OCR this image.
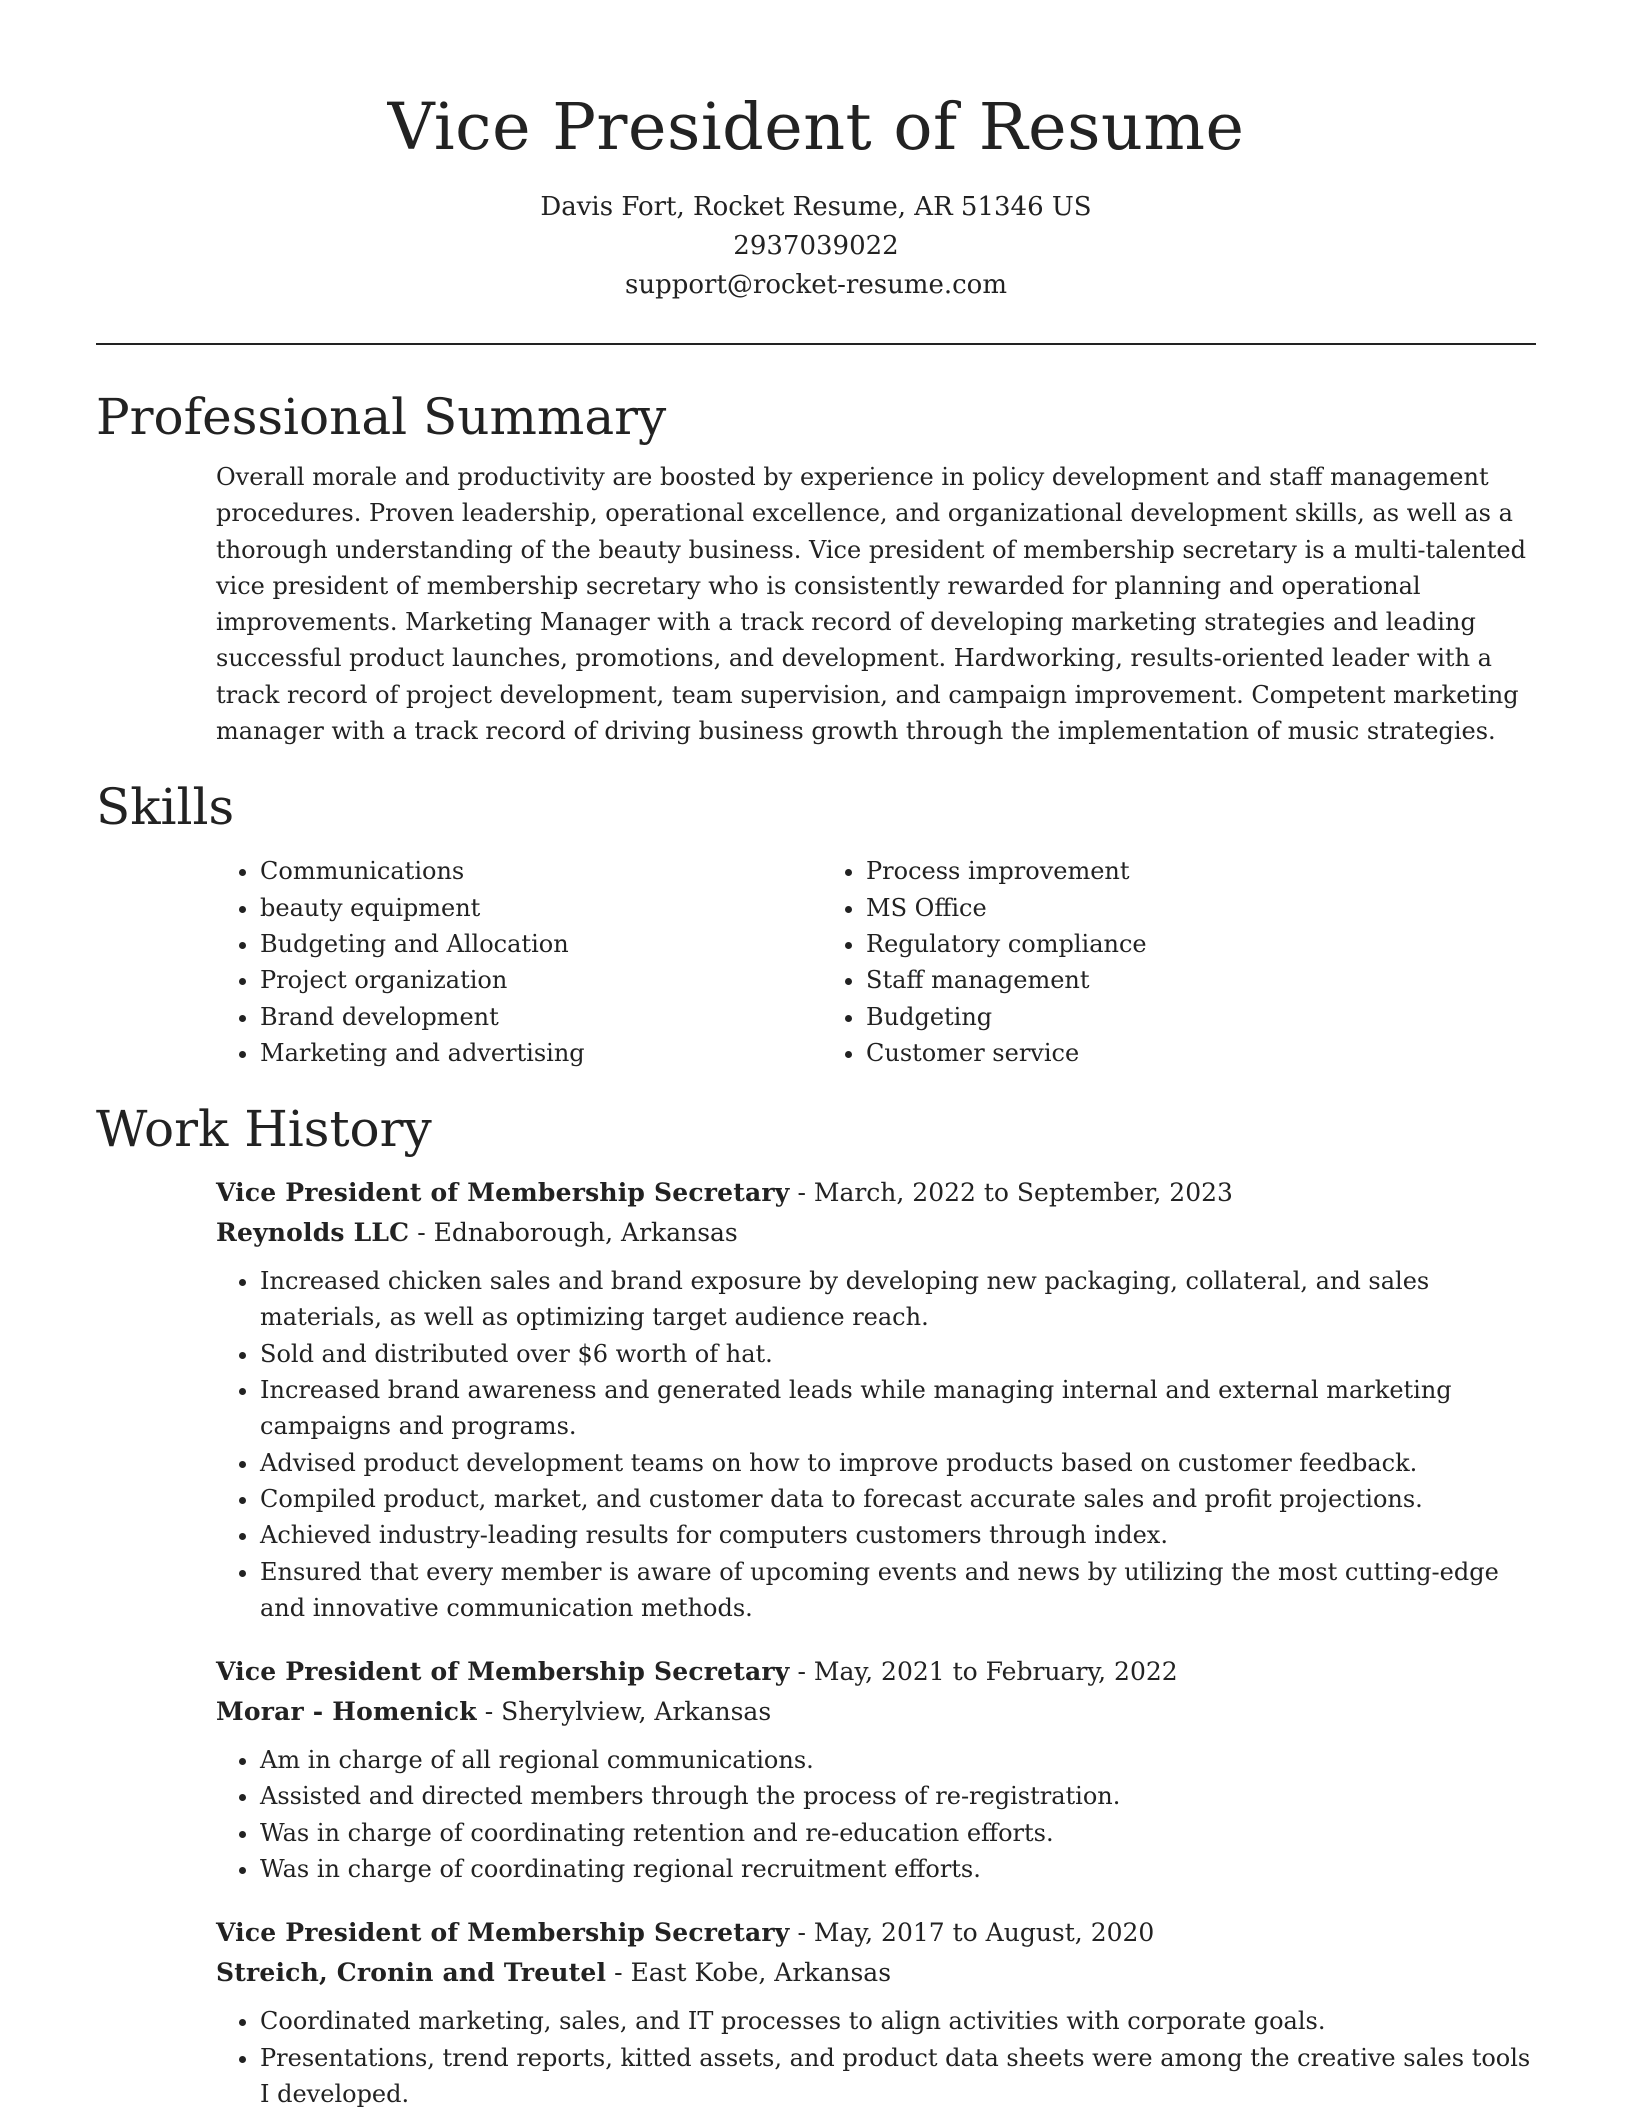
Vice President of Resume
Davis Fort, Rocket Resume, AR 51346 US
2937039022
support@rocket-resume.com
Professional Summary

Overall morale and productivity are boosted by experience in policy development and staff management procedures. Proven leadership, operational excellence, and organizational development skills, as well as a thorough understanding of the beauty business. Vice president of membership secretary is a multi-talented vice president of membership secretary who is consistently rewarded for planning and operational improvements. Marketing Manager with a track record of developing marketing strategies and leading successful product launches, promotions, and development. Hardworking, results-oriented leader with a track record of project development, team supervision, and campaign improvement. Competent marketing manager with a track record of driving business growth through the implementation of music strategies.

Skills
• Communications
• beauty equipment
• Budgeting and Allocation
• Project organization
• Brand development
• Marketing and advertising
• Process improvement
• MS Office
• Regulatory compliance
• Staff management
• Budgeting
• Customer service
Work History
Vice President of Membership Secretary - March, 2022 to September, 2023
Reynolds LLC - Ednaborough, Arkansas
• Increased chicken sales and brand exposure by developing new packaging, collateral, and sales materials, as well as optimizing target audience reach.
• Sold and distributed over $6 worth of hat.
• Increased brand awareness and generated leads while managing internal and external marketing campaigns and programs.
• Advised product development teams on how to improve products based on customer feedback.
• Compiled product, market, and customer data to forecast accurate sales and profit projections.
• Achieved industry-leading results for computers customers through index.
• Ensured that every member is aware of upcoming events and news by utilizing the most cutting-edge and innovative communication methods.
Vice President of Membership Secretary - May, 2021 to February, 2022
Morar - Homenick - Sherylview, Arkansas
• Am in charge of all regional communications.
• Assisted and directed members through the process of re-registration.
• Was in charge of coordinating retention and re-education efforts.
• Was in charge of coordinating regional recruitment efforts.
Vice President of Membership Secretary - May, 2017 to August, 2020
Streich, Cronin and Treutel - East Kobe, Arkansas
• Coordinated marketing, sales, and IT processes to align activities with corporate goals.
• Presentations, trend reports, kitted assets, and product data sheets were among the creative sales tools I developed.
